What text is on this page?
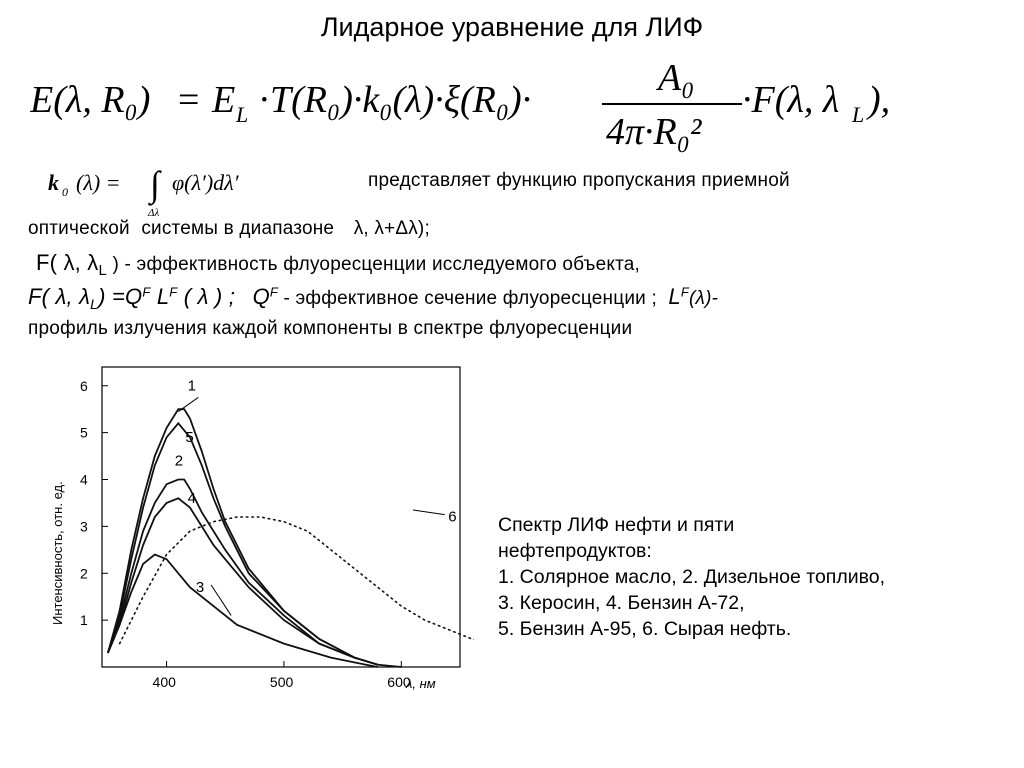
Лидарное уравнение для ЛИФ
E(λ, R₀) = E L · T(R₀)·k₀(λ)·ξ(R₀)·
A₀
4π·R₀²
·F(λ, λ L ),
k 0 (λ) = ∫ φ(λ′)dλ′
Δλ
представляет функцию пропускания приемной
оптической системы в диапазоне λ, λ+Δλ);
F( λ, $\lambda_L$ ) - эффективность флуоресценции исследуемого объекта,
F( λ, $\lambda_L) =Q^F$ $L^F$ ( λ ) ; $Q^F$ - эффективное сечение флуоресценции ; $L^F(\lambda)-$
профиль излучения каждой компоненты в спектре флуоресценции
1
2
3
4
5
6
400	500	600
1
5
2
4
3
6
Интенсивность, отн. ед.
λ, нм
Спектр ЛИФ нефти и пяти
нефтепродуктов:
1. Солярное масло, 2. Дизельное топливо,
3. Керосин, 4. Бензин А-72,
5. Бензин А-95, 6. Сырая нефть.
